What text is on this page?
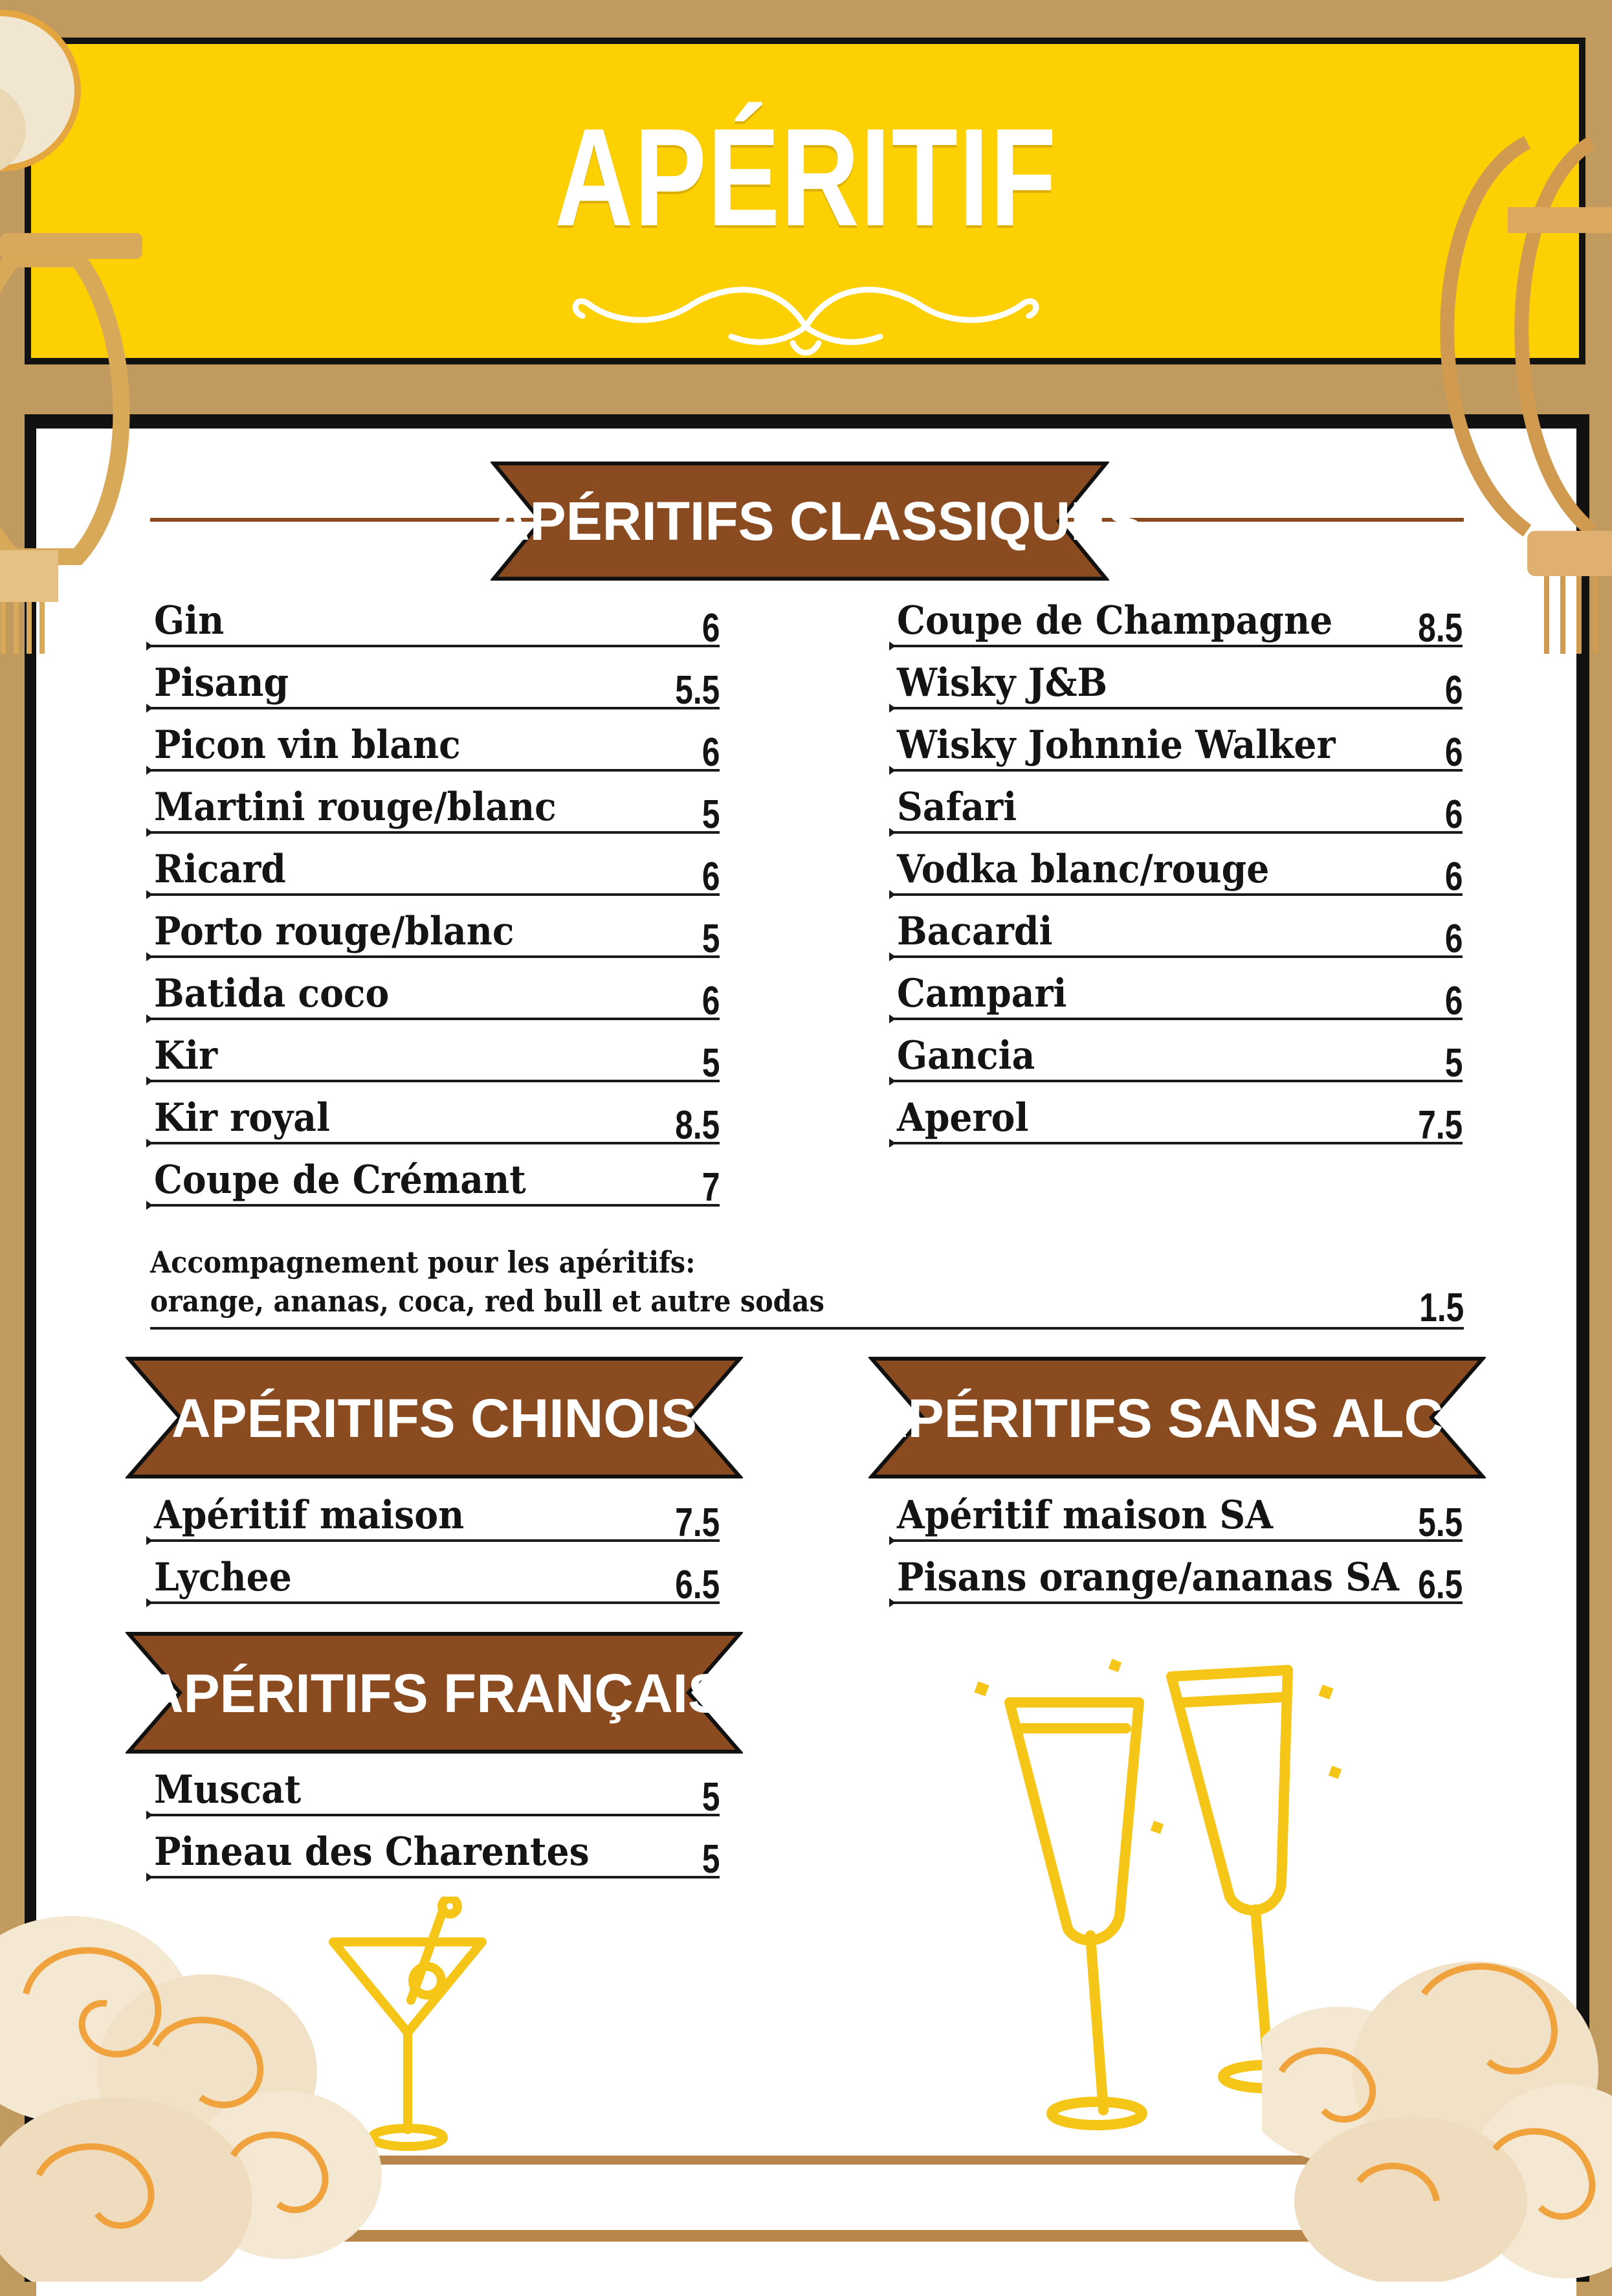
APÉRITIF
APÉRITIFS CLASSIQUES
Gin	6
Pisang	5.5
Picon vin blanc	6
Martini rouge/blanc	5
Ricard	6
Porto rouge/blanc	5
Batida coco	6
Kir	5
Kir royal	8.5
Coupe de Crémant	7
Coupe de Champagne 8.5
Wisky J&B	6
Wisky Johnnie Walker	6
Safari	6
Vodka blanc/rouge	6
Bacardi	6
Campari	6
Gancia	5
Aperol	7.5
Accompagnement pour les apéritifs:
orange, ananas, coca, red bull et autre sodas	1.5
APÉRITIFS CHINOIS	APÉRITIFS SANS ALCOOL
APÉRITIFS FRANÇAIS
Apéritif maison	7.5
Lychee	6.5
Apéritif maison SA	5.5
Pisans orange/ananas SA 6.5
Muscat	5
Pineau des Charentes	5
